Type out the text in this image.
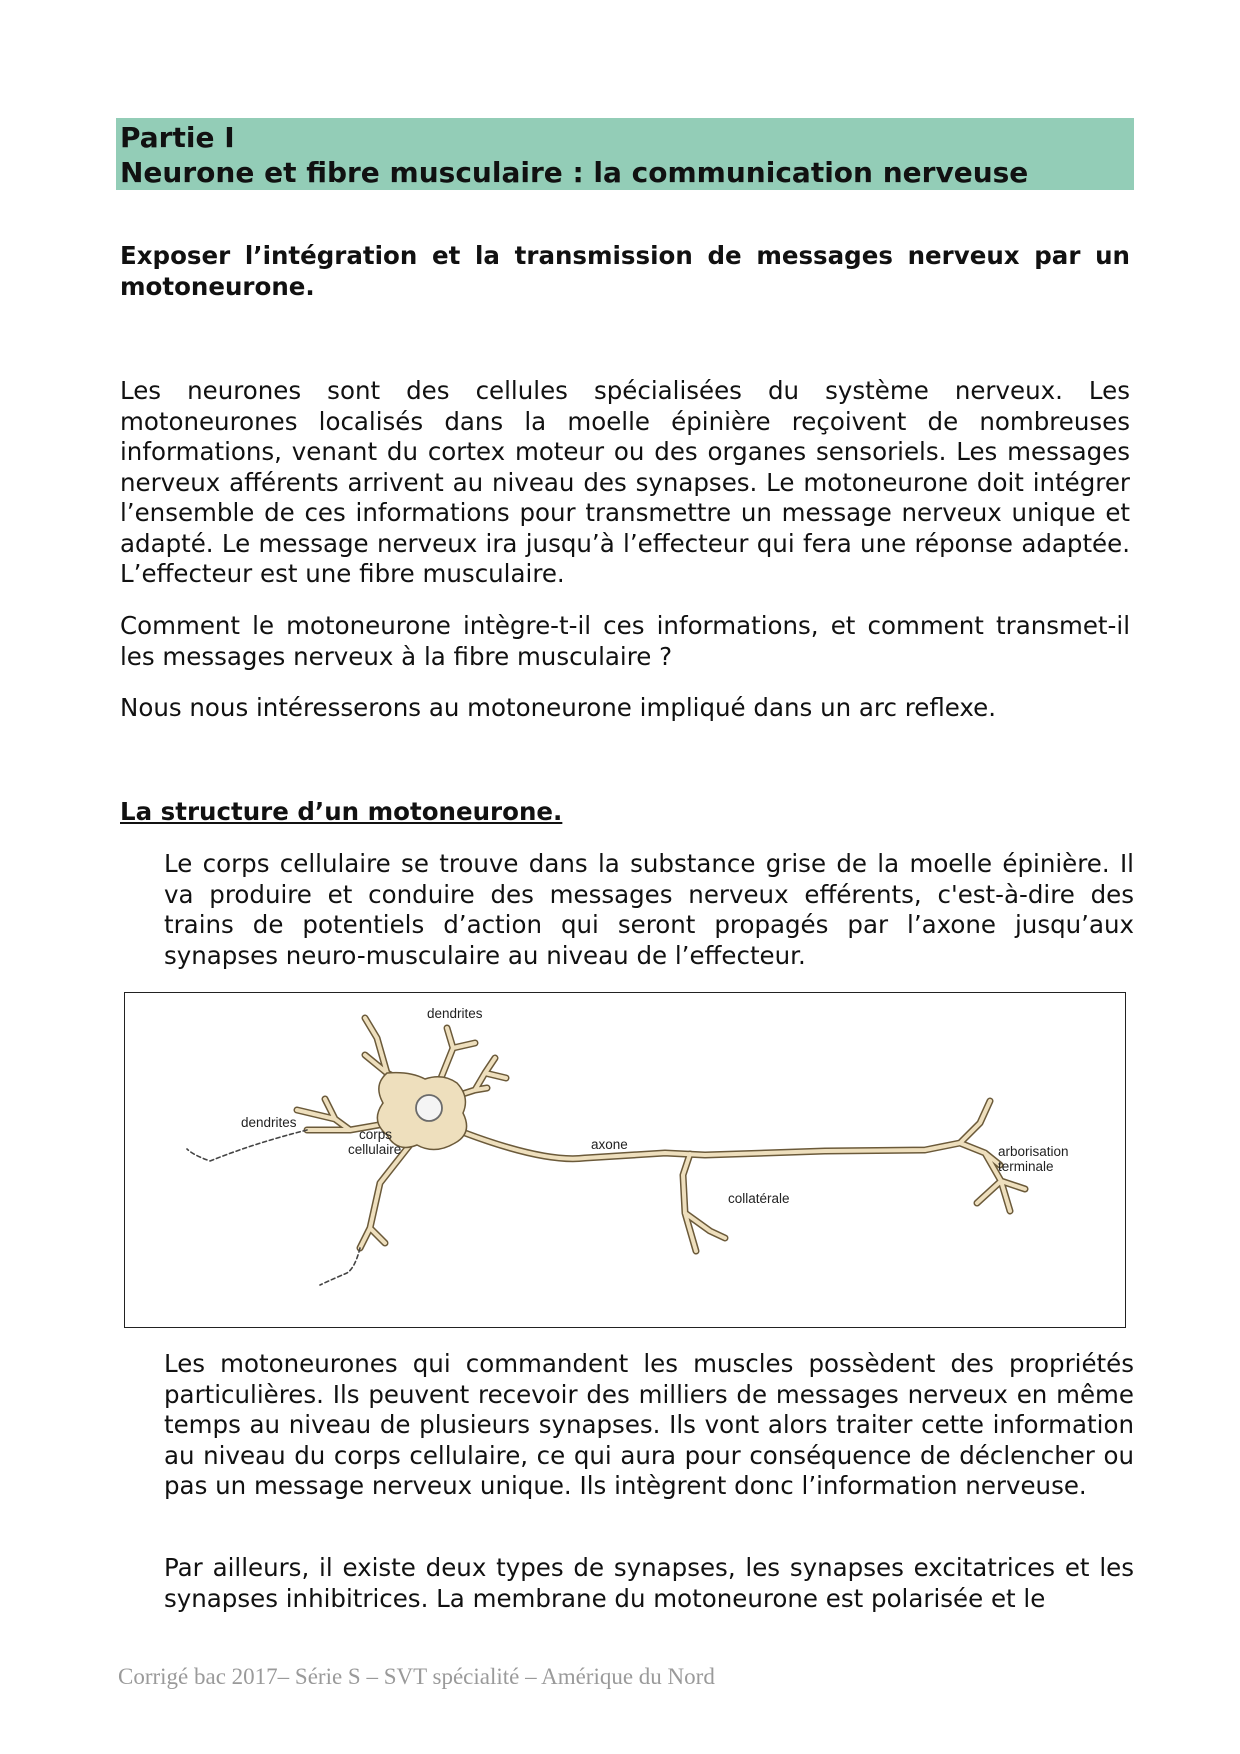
Partie I
Neurone et fibre musculaire : la communication nerveuse
Exposer l’intégration et la transmission de messages nerveux par un motoneurone.
Les neurones sont des cellules spécialisées du système nerveux. Les motoneurones localisés dans la moelle épinière reçoivent de nombreuses informations, venant du cortex moteur ou des organes sensoriels. Les messages nerveux afférents arrivent au niveau des synapses. Le motoneurone doit intégrer l’ensemble de ces informations pour transmettre un message nerveux unique et adapté. Le message nerveux ira jusqu’à l’effecteur qui fera une réponse adaptée. L’effecteur est une fibre musculaire.
Comment le motoneurone intègre-t-il ces informations, et comment transmet-il les messages nerveux à la fibre musculaire ?
Nous nous intéresserons au motoneurone impliqué dans un arc reflexe.
La structure d’un motoneurone.
Le corps cellulaire se trouve dans la substance grise de la moelle épinière. Il va produire et conduire des messages nerveux efférents, c'est-à-dire des trains de potentiels d’action qui seront propagés par l’axone jusqu’aux synapses neuro-musculaire au niveau de l’effecteur.
dendrites
dendrites
corps
cellulaire	axone
collatérale
arborisation
terminale
Les motoneurones qui commandent les muscles possèdent des propriétés particulières. Ils peuvent recevoir des milliers de messages nerveux en même temps au niveau de plusieurs synapses. Ils vont alors traiter cette information au niveau du corps cellulaire, ce qui aura pour conséquence de déclencher ou pas un message nerveux unique. Ils intègrent donc l’information nerveuse.
Par ailleurs, il existe deux types de synapses, les synapses excitatrices et les synapses inhibitrices. La membrane du motoneurone est polarisée et le
Corrigé bac 2017– Série S – SVT spécialité – Amérique du Nord
